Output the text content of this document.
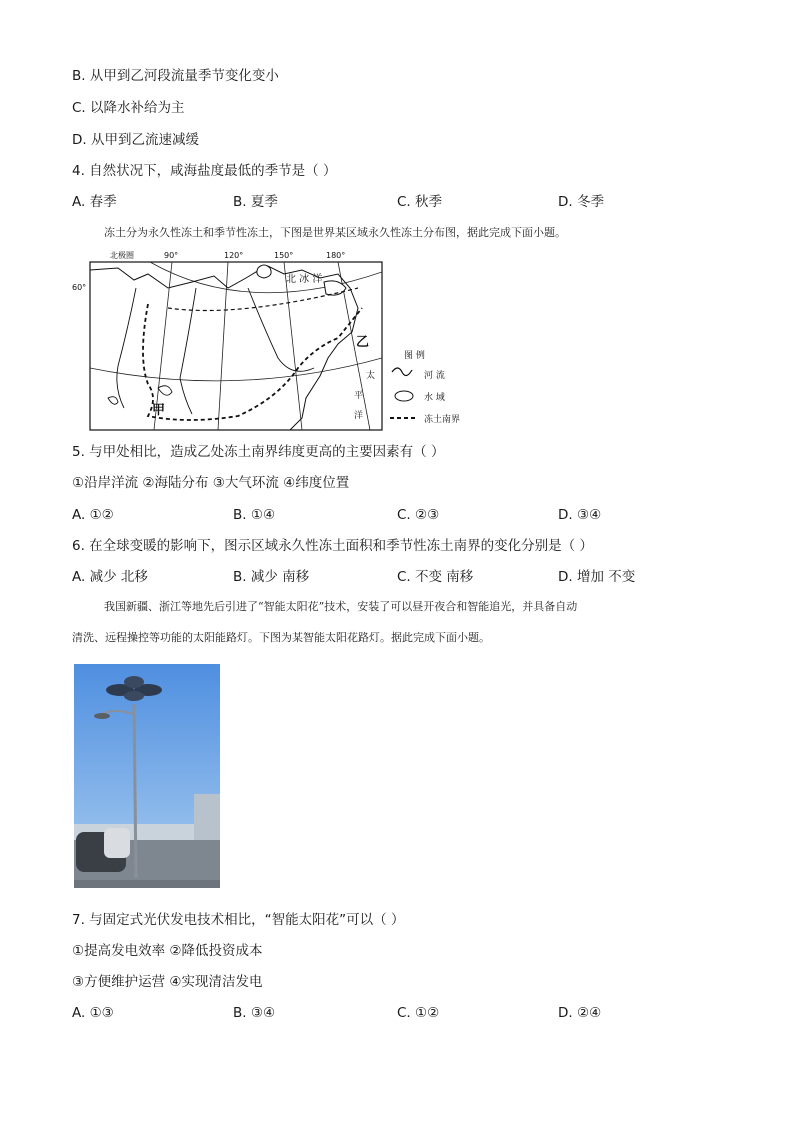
B. 从甲到乙河段流量季节变化变小
C. 以降水补给为主
D. 从甲到乙流速减缓
4. 自然状况下，咸海盐度最低的季节是（ ）
A. 春季	B. 夏季	C. 秋季	D. 冬季
冻土分为永久性冻土和季节性冻土，下图是世界某区域永久性冻土分布图，据此完成下面小题。
北极圈	90°	120°	150°	180°
60°
北 冰 洋
太
平
洋
甲
乙
图 例
河 流
水 域
冻土南界
5. 与甲处相比，造成乙处冻土南界纬度更高的主要因素有（ ）
①沿岸洋流 ②海陆分布 ③大气环流 ④纬度位置
A. ①②	B. ①④	C. ②③	D. ③④
6. 在全球变暖的影响下，图示区域永久性冻土面积和季节性冻土南界的变化分别是（ ）
A. 减少 北移	B. 减少 南移	C. 不变 南移	D. 增加 不变
我国新疆、浙江等地先后引进了“智能太阳花”技术，安装了可以昼开夜合和智能追光，并具备自动
清洗、远程操控等功能的太阳能路灯。下图为某智能太阳花路灯。据此完成下面小题。
7. 与固定式光伏发电技术相比，“智能太阳花”可以（ ）
①提高发电效率 ②降低投资成本
③方便维护运营 ④实现清洁发电
A. ①③	B. ③④	C. ①②	D. ②④
